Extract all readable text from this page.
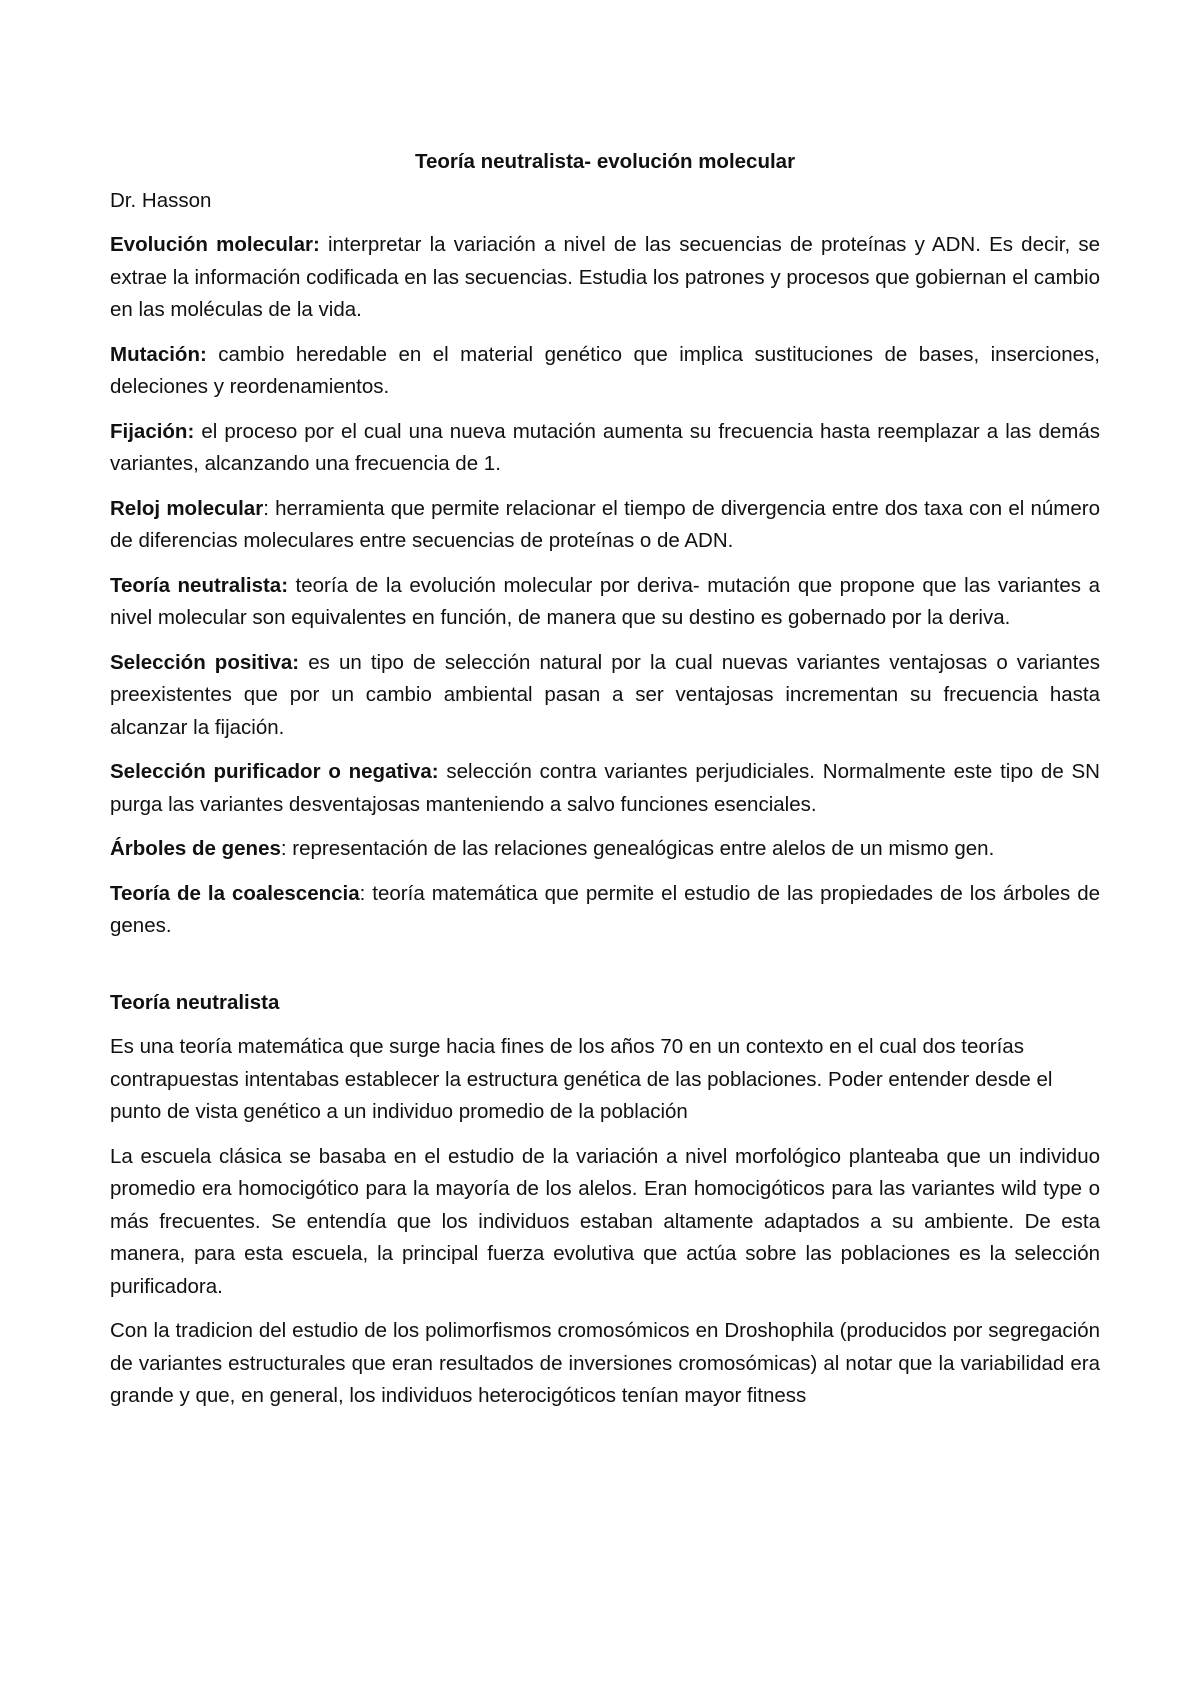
Teoría neutralista- evolución molecular
Dr. Hasson
Evolución molecular: interpretar la variación a nivel de las secuencias de proteínas y ADN. Es decir, se extrae la información codificada en las secuencias. Estudia los patrones y procesos que gobiernan el cambio en las moléculas de la vida.
Mutación: cambio heredable en el material genético que implica sustituciones de bases, inserciones, deleciones y reordenamientos.
Fijación: el proceso por el cual una nueva mutación aumenta su frecuencia hasta reemplazar a las demás variantes, alcanzando una frecuencia de 1.
Reloj molecular: herramienta que permite relacionar el tiempo de divergencia entre dos taxa con el número de diferencias moleculares entre secuencias de proteínas o de ADN.
Teoría neutralista: teoría de la evolución molecular por deriva- mutación que propone que las variantes a nivel molecular son equivalentes en función, de manera que su destino es gobernado por la deriva.
Selección positiva: es un tipo de selección natural por la cual nuevas variantes ventajosas o variantes preexistentes que por un cambio ambiental pasan a ser ventajosas incrementan su frecuencia hasta alcanzar la fijación.
Selección purificador o negativa: selección contra variantes perjudiciales. Normalmente este tipo de SN purga las variantes desventajosas manteniendo a salvo funciones esenciales.
Árboles de genes: representación de las relaciones genealógicas entre alelos de un mismo gen.
Teoría de la coalescencia: teoría matemática que permite el estudio de las propiedades de los árboles de genes.
Teoría neutralista
Es una teoría matemática que surge hacia fines de los años 70 en un contexto en el cual dos teorías contrapuestas intentabas establecer la estructura genética de las poblaciones. Poder entender desde el punto de vista genético a un individuo promedio de la población
La escuela clásica se basaba en el estudio de la variación a nivel morfológico planteaba que un individuo promedio era homocigótico para la mayoría de los alelos. Eran homocigóticos para las variantes wild type o más frecuentes. Se entendía que los individuos estaban altamente adaptados a su ambiente. De esta manera, para esta escuela, la principal fuerza evolutiva que actúa sobre las poblaciones es la selección purificadora.
Con la tradicion del estudio de los polimorfismos cromosómicos en Droshophila (producidos por segregación de variantes estructurales que eran resultados de inversiones cromosómicas) al notar que la variabilidad era grande y que, en general, los individuos heterocigóticos tenían mayor fitness
